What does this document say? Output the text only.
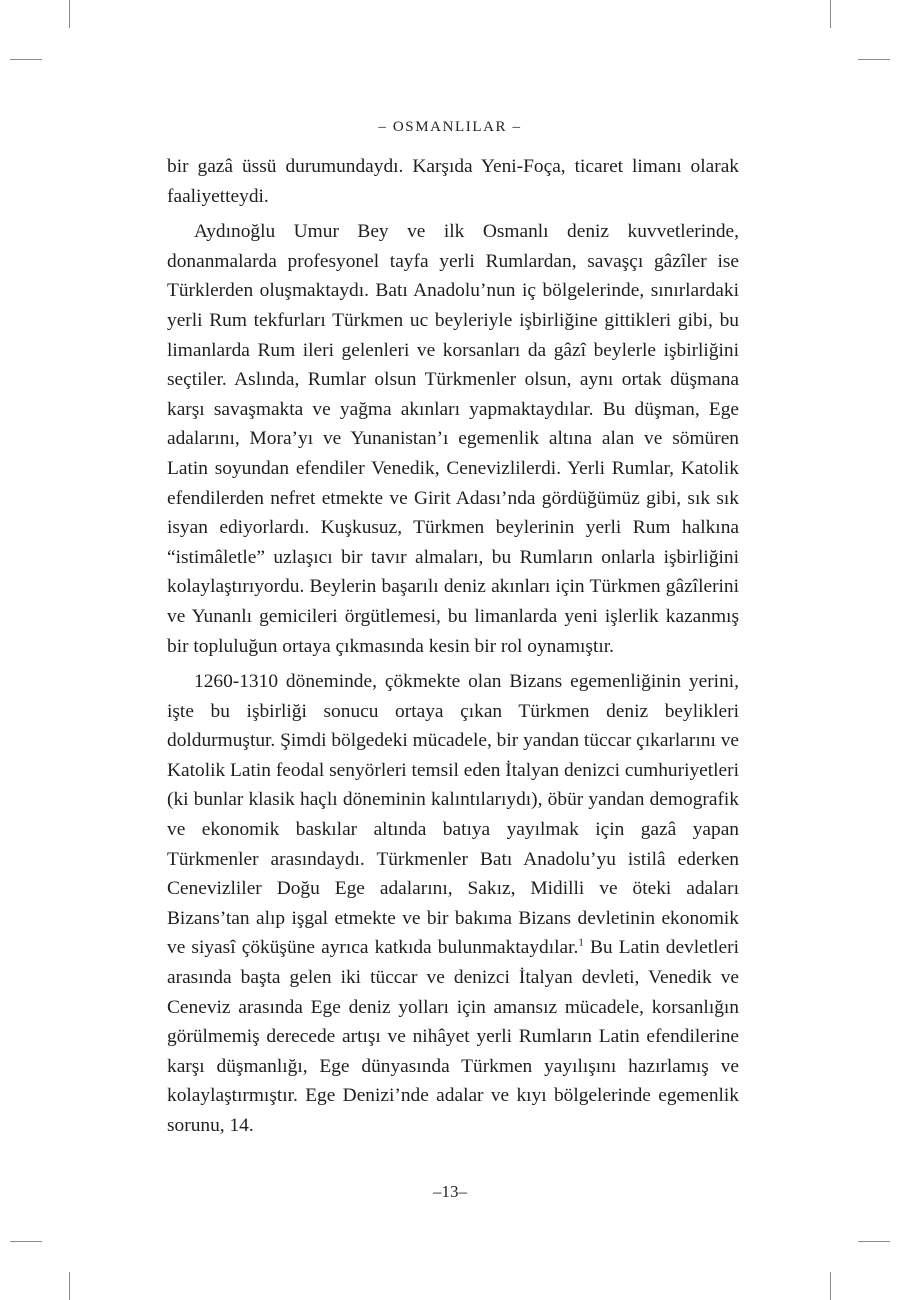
– OSMANLILAR –

bir gazâ üssü durumundaydı. Karşıda Yeni-Foça, ticaret limanı olarak faaliyetteydi.

Aydınoğlu Umur Bey ve ilk Osmanlı deniz kuvvetlerinde, donanmalarda profesyonel tayfa yerli Rumlardan, savaşçı gâzîler ise Türklerden oluşmaktaydı. Batı Anadolu’nun iç bölgelerinde, sınırlardaki yerli Rum tekfurları Türkmen uc beyleriyle işbirliğine gittikleri gibi, bu limanlarda Rum ileri gelenleri ve korsanları da gâzî beylerle işbirliğini seçtiler. Aslında, Rumlar olsun Türkmenler olsun, aynı ortak düşmana karşı savaşmakta ve yağma akınları yapmaktaydılar. Bu düşman, Ege adalarını, Mora’yı ve Yunanistan’ı egemenlik altına alan ve sömüren Latin soyundan efendiler Venedik, Cenevizlilerdi. Yerli Rumlar, Katolik efendilerden nefret etmekte ve Girit Adası’nda gördüğümüz gibi, sık sık isyan ediyorlardı. Kuşkusuz, Türkmen beylerinin yerli Rum halkına “istimâletle” uzlaşıcı bir tavır almaları, bu Rumların onlarla işbirliğini kolaylaştırıyordu. Beylerin başarılı deniz akınları için Türkmen gâzîlerini ve Yunanlı gemicileri örgütlemesi, bu limanlarda yeni işlerlik kazanmış bir topluluğun ortaya çıkmasında kesin bir rol oynamıştır.

1260-1310 döneminde, çökmekte olan Bizans egemenliğinin yerini, işte bu işbirliği sonucu ortaya çıkan Türkmen deniz beylikleri doldurmuştur. Şimdi bölgedeki mücadele, bir yandan tüccar çıkarlarını ve Katolik Latin feodal senyörleri temsil eden İtalyan denizci cumhuriyetleri (ki bunlar klasik haçlı döneminin kalıntılarıydı), öbür yandan demografik ve ekonomik baskılar altında batıya yayılmak için gazâ yapan Türkmenler arasındaydı. Türkmenler Batı Anadolu’yu istilâ ederken Cenevizliler Doğu Ege adalarını, Sakız, Midilli ve öteki adaları Bizans’tan alıp işgal etmekte ve bir bakıma Bizans devletinin ekonomik ve siyasî çöküşüne ayrıca katkıda bulunmaktaydılar.$^1$ Bu Latin devletleri arasında başta gelen iki tüccar ve denizci İtalyan devleti, Venedik ve Ceneviz arasında Ege deniz yolları için amansız mücadele, korsanlığın görülmemiş derecede artışı ve nihâyet yerli Rumların Latin efendilerine karşı düşmanlığı, Ege dünyasında Türkmen yayılışını hazırlamış ve kolaylaştırmıştır. Ege Denizi’nde adalar ve kıyı bölgelerinde egemenlik sorunu, 14.

–13–
